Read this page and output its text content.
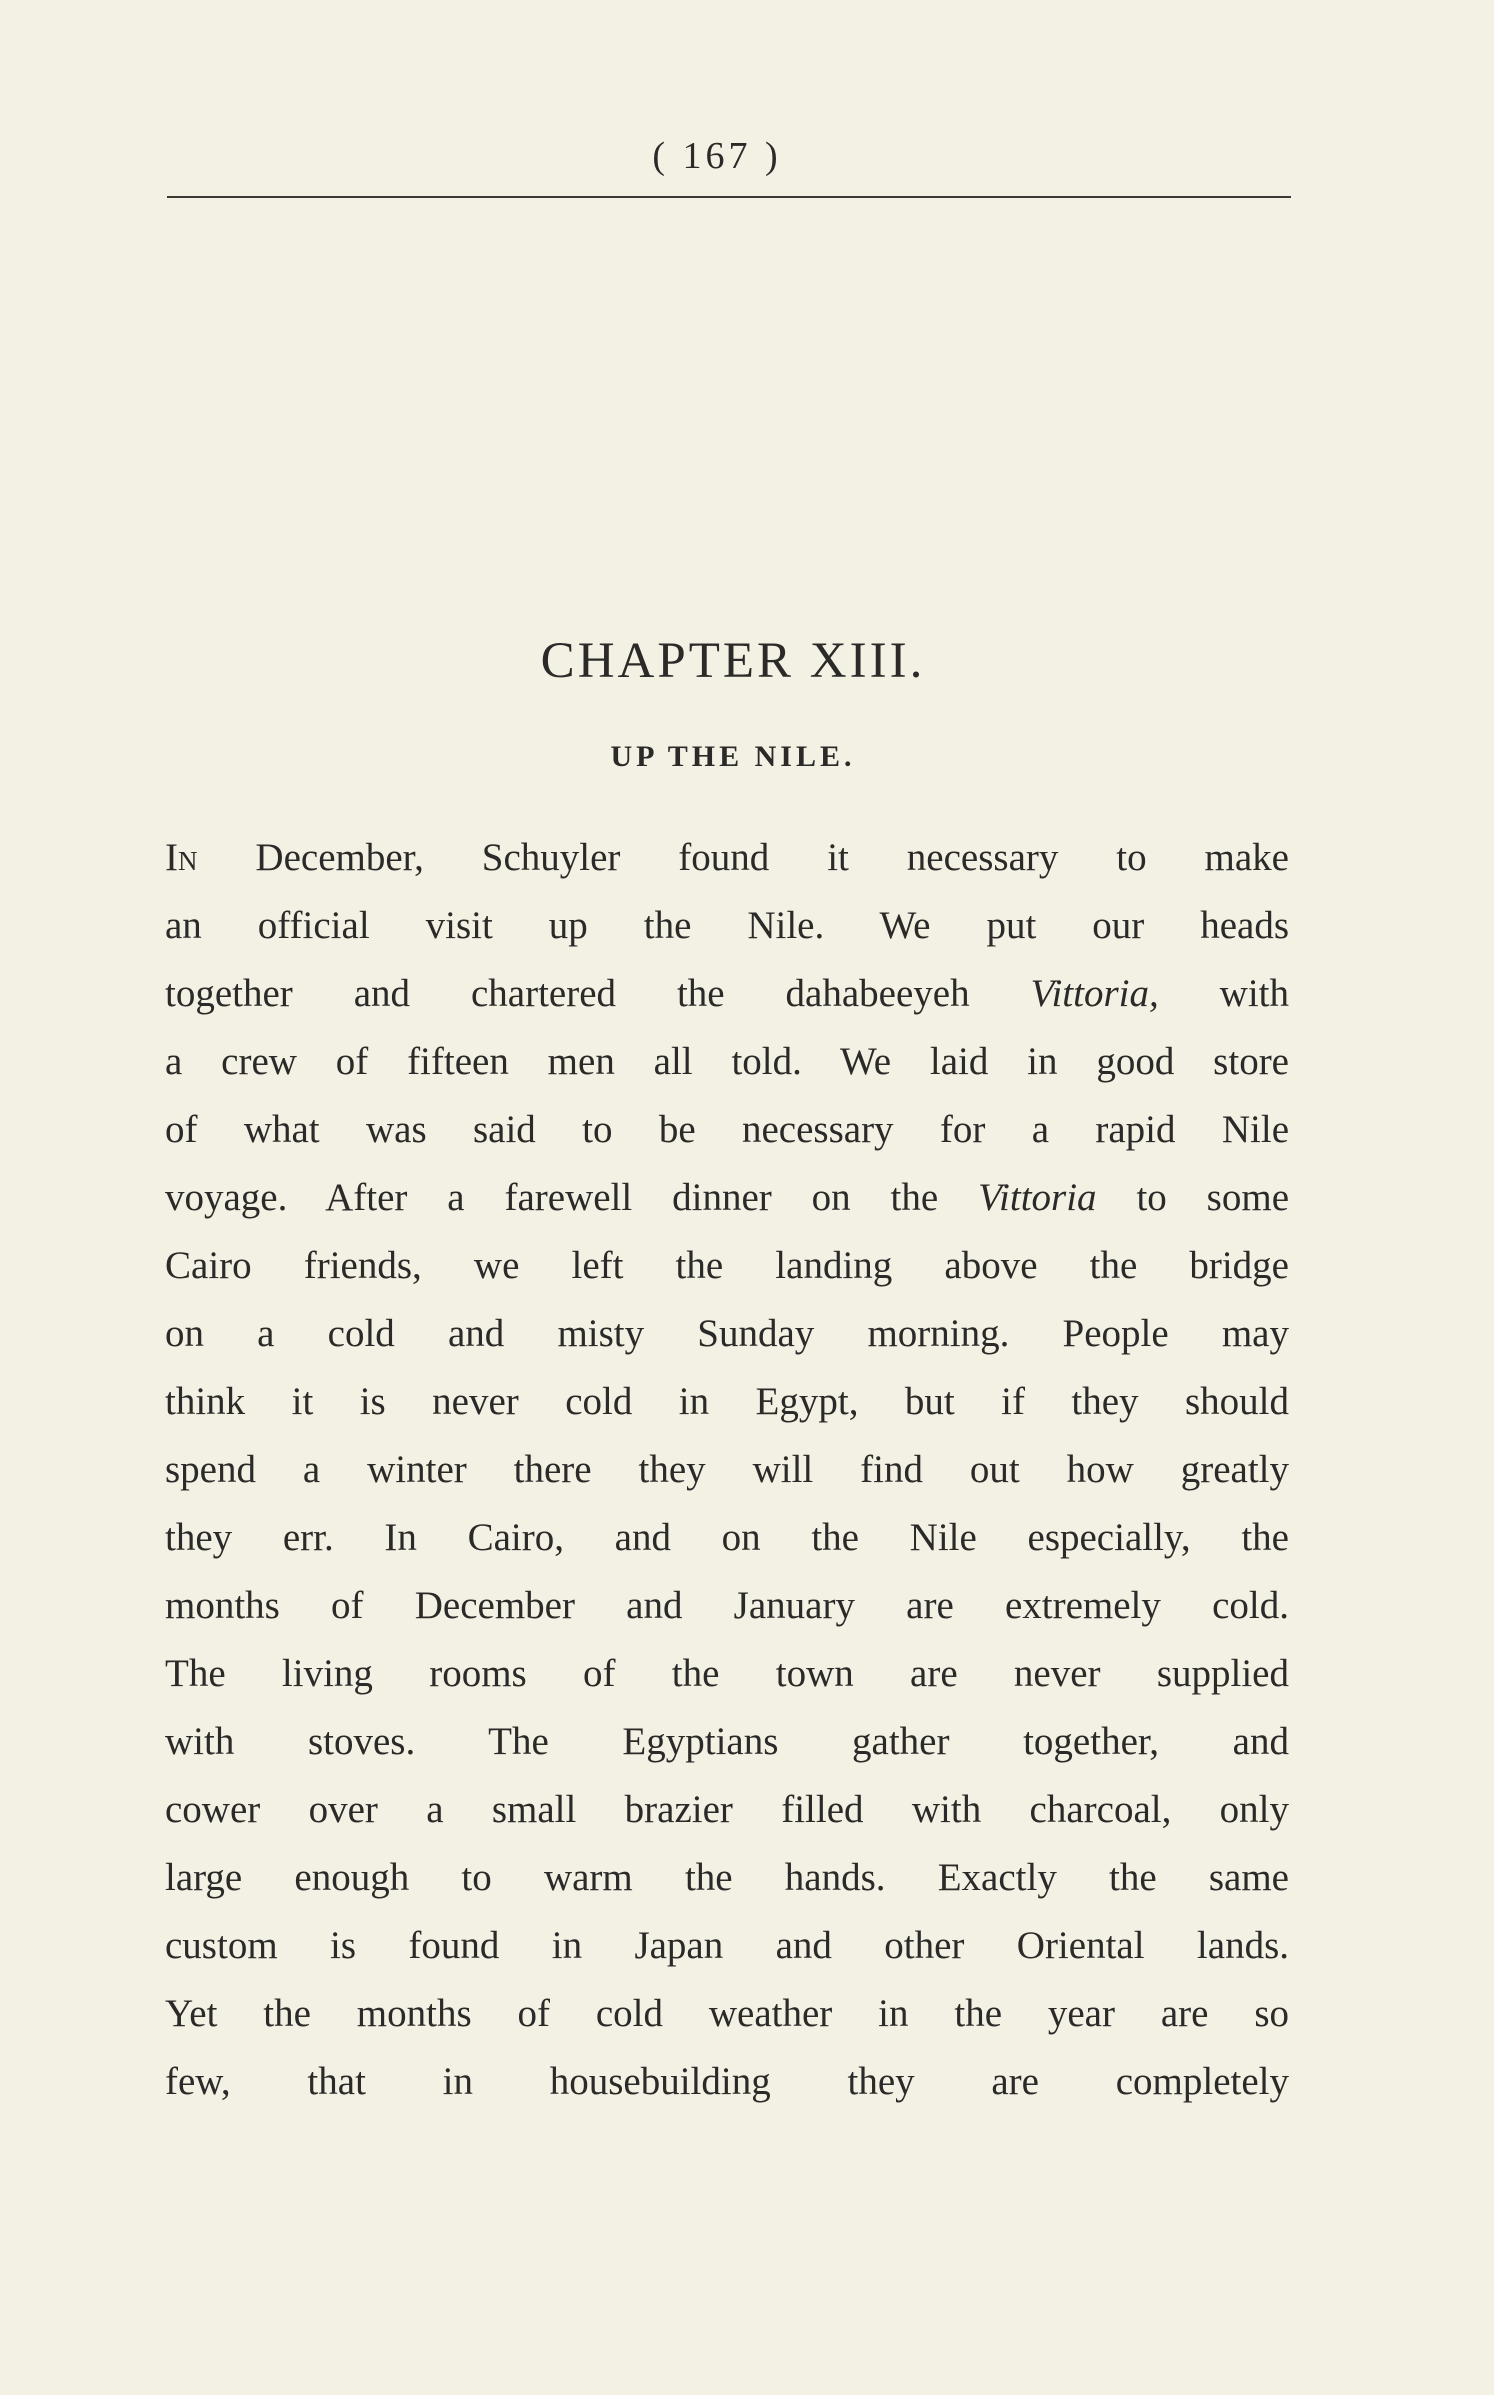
( 167 )
CHAPTER XIII.
UP THE NILE.
In December, Schuyler found it necessary to make
an official visit up the Nile. We put our heads
together and chartered the dahabeeyeh Vittoria, with
a crew of fifteen men all told. We laid in good store
of what was said to be necessary for a rapid Nile
voyage. After a farewell dinner on the Vittoria to some
Cairo friends, we left the landing above the bridge
on a cold and misty Sunday morning. People may
think it is never cold in Egypt, but if they should
spend a winter there they will find out how greatly
they err. In Cairo, and on the Nile especially, the
months of December and January are extremely cold.
The living rooms of the town are never supplied
with stoves. The Egyptians gather together, and
cower over a small brazier filled with charcoal, only
large enough to warm the hands. Exactly the same
custom is found in Japan and other Oriental lands.
Yet the months of cold weather in the year are so
few, that in housebuilding they are completely
